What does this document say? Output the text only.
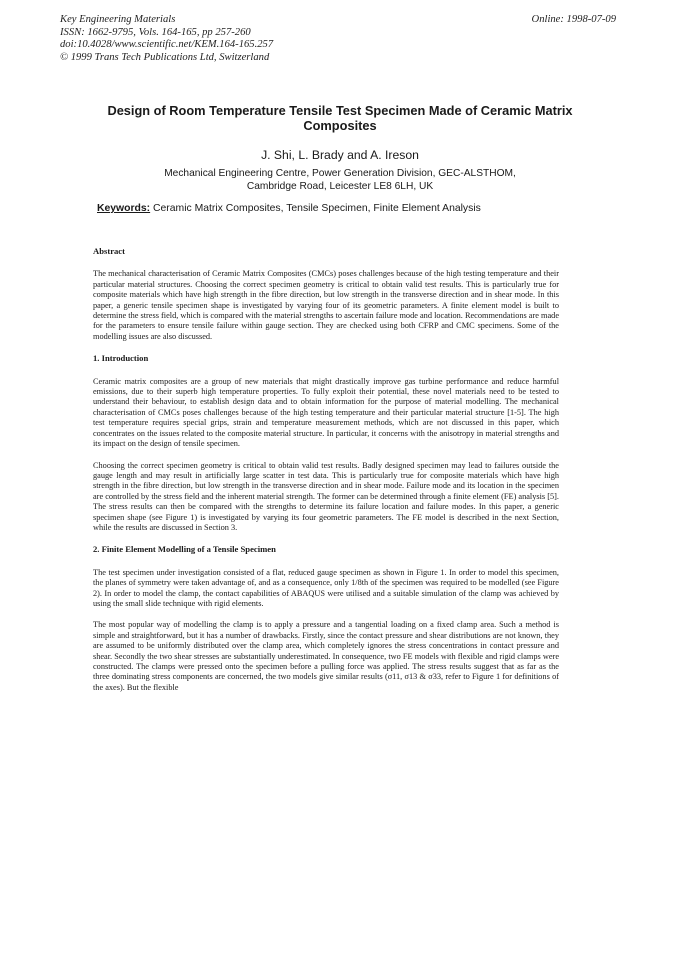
Key Engineering Materials
ISSN: 1662-9795, Vols. 164-165, pp 257-260
doi:10.4028/www.scientific.net/KEM.164-165.257
© 1999 Trans Tech Publications Ltd, Switzerland
Online: 1998-07-09
Design of Room Temperature Tensile Test Specimen Made of Ceramic Matrix Composites
J. Shi, L. Brady and A. Ireson
Mechanical Engineering Centre, Power Generation Division, GEC-ALSTHOM,
Cambridge Road, Leicester LE8 6LH, UK
Keywords: Ceramic Matrix Composites, Tensile Specimen, Finite Element Analysis
Abstract

The mechanical characterisation of Ceramic Matrix Composites (CMCs) poses challenges because of the high testing temperature and their particular material structures. Choosing the correct specimen geometry is critical to obtain valid test results. This is particularly true for composite materials which have high strength in the fibre direction, but low strength in the transverse direction and in shear mode. In this paper, a generic tensile specimen shape is investigated by varying four of its geometric parameters. A finite element model is built to determine the stress field, which is compared with the material strengths to ascertain failure mode and location. Recommendations are made for the parameters to ensure tensile failure within gauge section. They are checked using both CFRP and CMC specimens. Some of the modelling issues are also discussed.

1. Introduction

Ceramic matrix composites are a group of new materials that might drastically improve gas turbine performance and reduce harmful emissions, due to their superb high temperature properties. To fully exploit their potential, these novel materials need to be tested to understand their behaviour, to establish design data and to obtain information for the purpose of material modelling. The mechanical characterisation of CMCs poses challenges because of the high testing temperature and their particular material structure [1-5]. The high test temperature requires special grips, strain and temperature measurement methods, which are not discussed in this paper, which concentrates on the issues related to the composite material structure. In particular, it concerns with the anisotropy in material strengths and its impact on the design of tensile specimen.

Choosing the correct specimen geometry is critical to obtain valid test results. Badly designed specimen may lead to failures outside the gauge length and may result in artificially large scatter in test data. This is particularly true for composite materials which have high strength in the fibre direction, but low strength in the transverse direction and in shear mode. Failure mode and its location in the specimen are controlled by the stress field and the inherent material strength. The former can be determined through a finite element (FE) analysis [5]. The stress results can then be compared with the strengths to determine its failure location and failure modes. In this paper, a generic specimen shape (see Figure 1) is investigated by varying its four geometric parameters. The FE model is described in the next Section, while the results are discussed in Section 3.

2. Finite Element Modelling of a Tensile Specimen

The test specimen under investigation consisted of a flat, reduced gauge specimen as shown in Figure 1. In order to model this specimen, the planes of symmetry were taken advantage of, and as a consequence, only 1/8th of the specimen was required to be modelled (see Figure 2). In order to model the clamp, the contact capabilities of ABAQUS were utilised and a suitable simulation of the clamp was achieved by using the small slide technique with rigid elements.

The most popular way of modelling the clamp is to apply a pressure and a tangential loading on a fixed clamp area. Such a method is simple and straightforward, but it has a number of drawbacks. Firstly, since the contact pressure and shear distributions are not known, they are assumed to be uniformly distributed over the clamp area, which completely ignores the stress concentrations in contact pressure and shear. Secondly the two shear stresses are substantially underestimated. In consequence, two FE models with flexible and rigid clamps were constructed. The clamps were pressed onto the specimen before a pulling force was applied. The stress results suggest that as far as the three dominating stress components are concerned, the two models give similar results (σ11, σ13 & σ33, refer to Figure 1 for definitions of the axes). But the flexible
